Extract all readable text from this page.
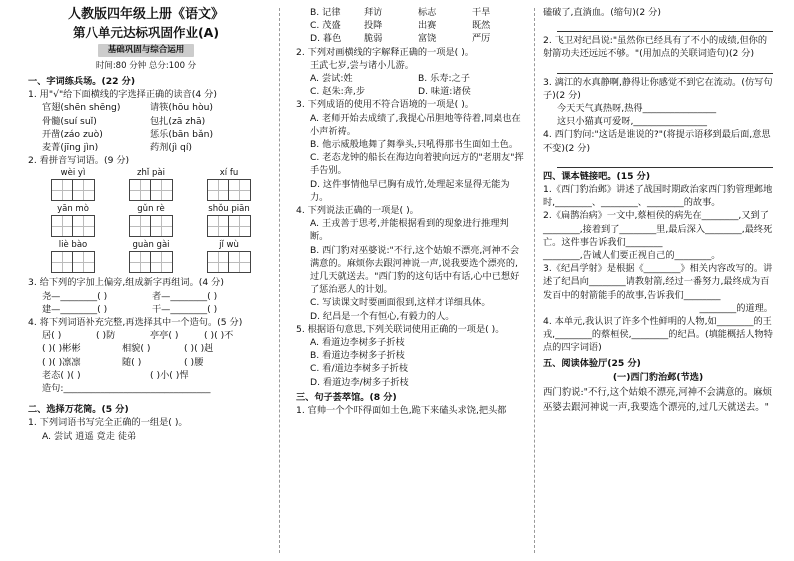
人教版四年级上册《语文》
第八单元达标巩固作业(A)
基础巩固与综合运用
时间:80 分钟 总分:100 分
一、字词练兵场。(22 分)
1. 用"√"给下面横线的字选择正确的读音(4 分)
官翅(shēn shēng)	请筷(hōu hòu)
骨髓(suí suǐ)	包扎(zā zhā)
开凿(záo zuò)	惩乐(bān bǎn)
麦菁(jīng jìn)	药剂(jì qí)
2. 看拼音写词语。(9 分)
wèi yì	zhǐ pài	xí fu
yān mò	gǔn rè	shǒu piān
liè bào	guàn gài	jǐ wù
3. 给下列的字加上偏旁,组成新字再组词。(4 分)
尧—________( )	者—________( )
建—________( )	干—________( )
4. 将下列词语补充完整,再选择其中一个造句。(5 分)
居( )	( )防	亭亭( )	( )( )不
( )( )彬彬	相貌( )	( )( )赳
( )( )凛凛	随( )	( )腰
老态( )( )	( )小( )悍
造句:________________________________
二、选择万花筒。(5 分)
1. 下列词语书写完全正确的一组是( )。
A. 尝试 逍遥 竟走 徒弟
B. 记律	拜访	标志	干旱
C. 茂盛	投降	出赛	既然
D. 暮色	脆弱	富饶	严厉
2. 下列对画横线的字解释正确的一项是( )。
王武七岁,尝与诸小儿游。
A. 尝试:姓	B. 乐寿:之子
C. 赵朱:奔,步	D. 味道:诸侯
3. 下列成语的使用不符合语境的一项是( )。
A. 老师开始去成绩了,我提心吊胆地等待着,同桌也在小声祈祷。
B. 他示威般地舞了舞拳头,只吼得那书生面如土色。
C. 老态龙钟的船长在海边向着驶向远方的"老朋友"挥手告别。
D. 这件事情他早已胸有成竹,处理起来显得无能为力。
4. 下列说法正确的一项是( )。
A. 王戎善于思考,并能根据看到的现象进行推理判断。
B. 西门豹对巫婆说:"不行,这个姑娘不漂亮,河神不会满意的。麻烦你去跟河神说一声,说我要选个漂亮的,过几天就送去。"西门豹的这句话中有话,心中已想好了惩治恶人的计划。
C. 写读课文时要画面很到,这样才详细具体。
D. 纪昌是一个有恒心,有毅力的人。
5. 根据语句意思,下列关联词使用正确的一项是( )。
A. 看道边李树多子折枝
B. 看道边李树多子折枝
C. 看/道边李树多子折枝
D. 看道边李/树多子折枝
三、句子荟萃馆。(8 分)
1. 官帅一个个吓得面如土色,跪下来磕头求饶,把头都
磕破了,直淌血。(缩句)(2 分)
2. 飞卫对纪昌说:"虽然你已经具有了不小的成绩,但你的射箭功夫还远远不够。"(用加点的关联词造句)(2 分)
3. 漓江的水真静啊,静得让你感觉不到它在流动。(仿写句子)(2 分)
今天天气真热呀,热得________________
这只小猫真可爱呀,________________
4. 西门豹问:"这话是谁说的?"(将提示语移到最后面,意思不变)(2 分)
四、课本链接吧。(15 分)
1.《西门豹治邺》讲述了战国时期政治家西门豹管理邺地时,________、________、________的故事。
2.《扁鹊治病》一文中,蔡桓侯的病先在________,又到了________,接着到了________里,最后深入________,最终死亡。这件事告诉我们________
________,告诫人们要正视自己的________。
3.《纪昌学射》是根据《________》相关内容改写的。讲述了纪昌向________请教射箭,经过一番努力,最终成为百发百中的射箭能手的故事,告诉我们________
________的道理。
4. 本单元,我认识了许多个性鲜明的人物,如________的王戎,________的蔡桓侯,________的纪昌。(填能概括人物特点的四字词语)
五、阅读体验厅(25 分)
(一)西门豹治邺(节选)
西门豹说:"不行,这个姑娘不漂亮,河神不会满意的。麻烦巫婆去跟河神说一声,我要选个漂亮的,过几天就送去。"
